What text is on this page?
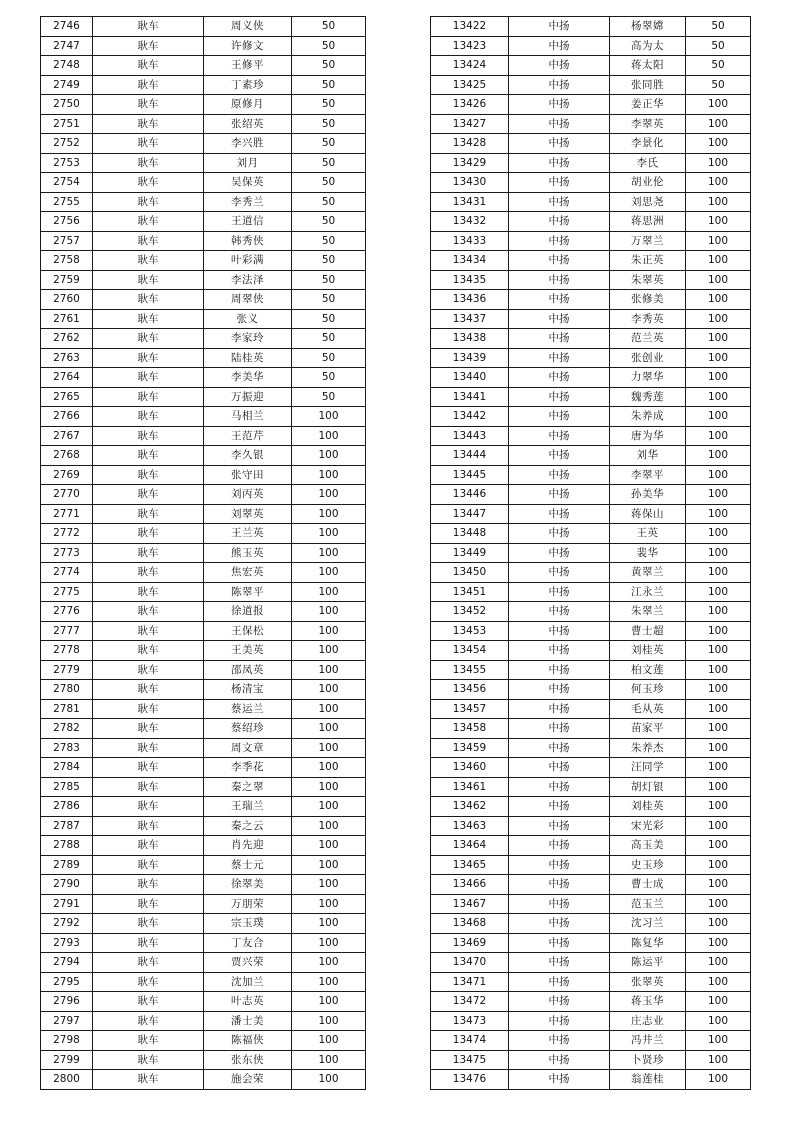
2746	耿车	周义侠	50
2747	耿车	许修文	50
2748	耿车	王修平	50
2749	耿车	丁素珍	50
2750	耿车	原修月	50
2751	耿车	张绍英	50
2752	耿车	李兴胜	50
2753	耿车	刘月	50
2754	耿车	吴保英	50
2755	耿车	李秀兰	50
2756	耿车	王道信	50
2757	耿车	韩秀侠	50
2758	耿车	叶彩满	50
2759	耿车	李法泽	50
2760	耿车	周翠侠	50
2761	耿车	张义	50
2762	耿车	李家玲	50
2763	耿车	陆桂英	50
2764	耿车	李美华	50
2765	耿车	万振迎	50
2766	耿车	马相兰	100
2767	耿车	王范芹	100
2768	耿车	李久银	100
2769	耿车	张守田	100
2770	耿车	刘丙英	100
2771	耿车	刘翠英	100
2772	耿车	王兰英	100
2773	耿车	熊玉英	100
2774	耿车	焦宏英	100
2775	耿车	陈翠平	100
2776	耿车	徐道报	100
2777	耿车	王保松	100
2778	耿车	王美英	100
2779	耿车	邵凤英	100
2780	耿车	杨清宝	100
2781	耿车	蔡运兰	100
2782	耿车	蔡绍珍	100
2783	耿车	周文章	100
2784	耿车	李季花	100
2785	耿车	秦之翠	100
2786	耿车	王瑞兰	100
2787	耿车	秦之云	100
2788	耿车	肖先迎	100
2789	耿车	蔡士元	100
2790	耿车	徐翠美	100
2791	耿车	万朋荣	100
2792	耿车	宗玉璞	100
2793	耿车	丁友合	100
2794	耿车	贾兴荣	100
2795	耿车	沈加兰	100
2796	耿车	叶志英	100
2797	耿车	潘士美	100
2798	耿车	陈福侠	100
2799	耿车	张东侠	100
2800	耿车	施会荣	100
13422	中扬	杨翠嫦	50
13423	中扬	高为太	50
13424	中扬	蒋太阳	50
13425	中扬	张同胜	50
13426	中扬	姜正华	100
13427	中扬	李翠英	100
13428	中扬	李景化	100
13429	中扬	李氏	100
13430	中扬	胡业伦	100
13431	中扬	刘思尧	100
13432	中扬	蒋思洲	100
13433	中扬	万翠兰	100
13434	中扬	朱正英	100
13435	中扬	朱翠英	100
13436	中扬	张修美	100
13437	中扬	李秀英	100
13438	中扬	范兰英	100
13439	中扬	张创业	100
13440	中扬	力翠华	100
13441	中扬	魏秀莲	100
13442	中扬	朱养成	100
13443	中扬	唐为华	100
13444	中扬	刘华	100
13445	中扬	李翠平	100
13446	中扬	孙美华	100
13447	中扬	蒋保山	100
13448	中扬	王英	100
13449	中扬	裴华	100
13450	中扬	黄翠兰	100
13451	中扬	江永兰	100
13452	中扬	朱翠兰	100
13453	中扬	曹士超	100
13454	中扬	刘桂英	100
13455	中扬	柏文莲	100
13456	中扬	何玉珍	100
13457	中扬	毛从英	100
13458	中扬	苗家平	100
13459	中扬	朱养杰	100
13460	中扬	汪同学	100
13461	中扬	胡灯银	100
13462	中扬	刘桂英	100
13463	中扬	宋光彩	100
13464	中扬	高玉美	100
13465	中扬	史玉珍	100
13466	中扬	曹士成	100
13467	中扬	范玉兰	100
13468	中扬	沈习兰	100
13469	中扬	陈复华	100
13470	中扬	陈运平	100
13471	中扬	张翠英	100
13472	中扬	蒋玉华	100
13473	中扬	庄志业	100
13474	中扬	冯井兰	100
13475	中扬	卜贤珍	100
13476	中扬	翁莲桂	100
